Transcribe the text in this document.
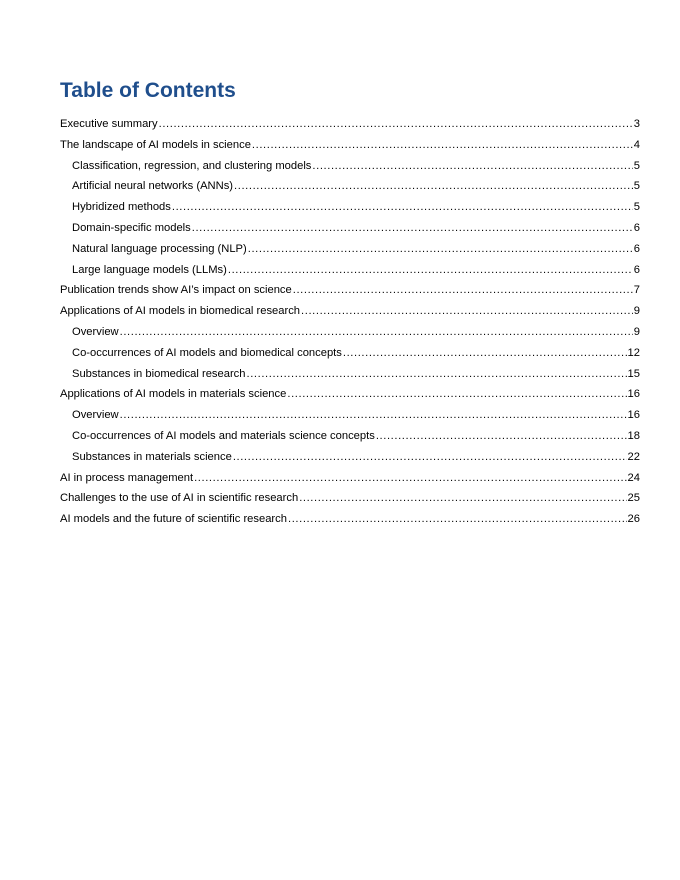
Table of Contents
Executive summary .....	3
The landscape of AI models in science .....	4
Classification, regression, and clustering models .....	5
Artificial neural networks (ANNs) .....	5
Hybridized methods .....	5
Domain-specific models .....	6
Natural language processing (NLP) .....	6
Large language models (LLMs) .....	6
Publication trends show AI’s impact on science .....	7
Applications of AI models in biomedical research .....	9
Overview .....	9
Co-occurrences of AI models and biomedical concepts .....	12
Substances in biomedical research .....	15
Applications of AI models in materials science .....	16
Overview .....	16
Co-occurrences of AI models and materials science concepts .....	18
Substances in materials science .....	22
AI in process management .....	24
Challenges to the use of AI in scientific research .....	25
AI models and the future of scientific research .....	26
